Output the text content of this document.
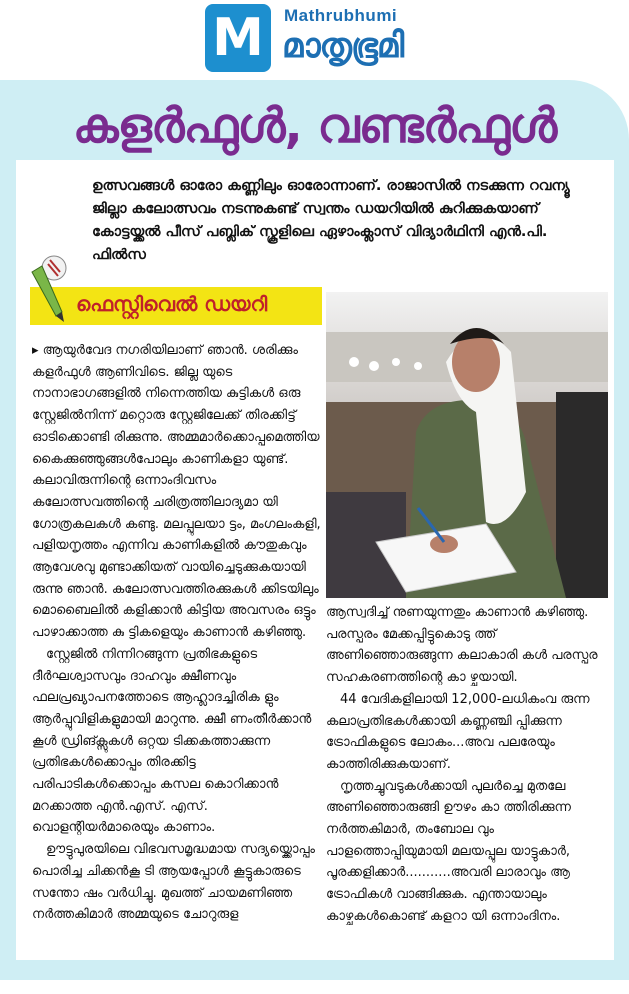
M	Mathrubhumi
മാതൃഭൂമി
കളർഫുൾ, വണ്ടർഫുൾ
ഉത്സവങ്ങൾ ഓരോ കണ്ണിലും ഓരോന്നാണ്. രാജാസിൽ നടക്കുന്ന റവന്യൂ ജില്ലാ കലോത്സവം നടന്നുകണ്ട് സ്വന്തം ഡയറിയിൽ കുറിക്കുകയാണ് കോട്ടയ്ക്കൽ പീസ് പബ്ലിക് സ്കൂളിലെ ഏഴാംക്ലാസ് വിദ്യാർഥിനി എൻ.പി. ഫിൽസ
ഫെസ്റ്റിവെൽ ഡയറി

▸ ആയുർവേദ നഗരിയിലാണ് ഞാൻ. ശരിക്കും കളർഫുൾ ആണിവിടെ. ജില്ല യുടെ നാനാഭാഗങ്ങളിൽ നിന്നെത്തിയ കുട്ടികൾ ഒരു സ്റ്റേജിൽനിന്ന് മറ്റൊരു സ്റ്റേജിലേക്ക് തിരക്കിട്ട് ഓടിക്കൊണ്ടി രിക്കുന്നു. അമ്മമാർക്കൊപ്പമെത്തിയ കൈക്കുഞ്ഞുങ്ങൾപോലും കാണികളാ യുണ്ട്. കലാവിരുന്നിന്റെ ഒന്നാംദിവസം കലോത്സവത്തിന്റെ ചരിത്രത്തിലാദ്യമാ യി ഗോത്രകലകൾ കണ്ടു. മലപ്പുലയാ ട്ടം, മംഗലംകളി, പളിയനൃത്തം എന്നിവ കാണികളിൽ കൗതുകവും ആവേശവു മുണ്ടാക്കിയത് വായിച്ചെടുക്കുകയായി രുന്നു ഞാൻ. കലോത്സവത്തിരക്കുകൾ ക്കിടയിലും മൊബൈലിൽ കളിക്കാൻ കിട്ടിയ അവസരം ഒട്ടും പാഴാക്കാത്ത കു ട്ടികളെയും കാണാൻ കഴിഞ്ഞു.

സ്റ്റേജിൽ നിന്നിറങ്ങുന്ന പ്രതിഭകളുടെ ദീർഘശ്വാസവും ദാഹവും ക്ഷീണവും ഫലപ്രഖ്യാപനത്തോടെ ആഹ്ലാദച്ചിരിക ളും ആർപ്പുവിളികളുമായി മാറുന്നു. ക്ഷീ ണംതീർക്കാൻ കൂൾ ഡ്രിങ്ക്സുകൾ ഒറ്റയ ടിക്കകത്താക്കുന്ന പ്രതിഭകൾക്കൊപ്പം തിരക്കിട്ട പരിപാടികൾക്കൊപ്പം കസല കൊറിക്കാൻ മറക്കാത്ത എൻ.എസ്. എസ്. വൊളന്റിയർമാരെയും കാണാം.

ഊട്ടുപുരയിലെ വിഭവസമൃദ്ധമായ സദ്യയ്ക്കൊപ്പം പൊരിച്ച ചിക്കൻകൂ ടി ആയപ്പോൾ കൂട്ടുകാരുടെ സന്തോ ഷം വർധിച്ചു. മുഖത്ത് ചായമണിഞ്ഞ നർത്തകിമാർ അമ്മയുടെ ചോറുരുള

ആസ്വദിച്ച് നുണയുന്നതും കാണാൻ കഴിഞ്ഞു. പരസ്പരം മേക്കപ്പിട്ടുകൊടു ത്ത് അണിഞ്ഞൊരുങ്ങുന്ന കലാകാരി കൾ പരസ്പര സഹകരണത്തിന്റെ കാ ഴ്ചയായി.

44 വേദികളിലായി 12,000-ലധികംവ രുന്ന കലാപ്രതിഭകൾക്കായി കണ്ണഞ്ചി പ്പിക്കുന്ന ട്രോഫികളുടെ ലോകം...അവ പലരേയും കാത്തിരിക്കുകയാണ്.

നൃത്തച്ചുവടുകൾക്കായി പുലർച്ചെ മുതലേ അണിഞ്ഞൊരുങ്ങി ഊഴം കാ ത്തിരിക്കുന്ന നർത്തകിമാർ, തംബോല വും പാളത്തൊപ്പിയുമായി മലയപ്പുല യാട്ടുകാർ, പൂരക്കളിക്കാർ...........അവരി ലാരാവും ആ ട്രോഫികൾ വാങ്ങിക്കുക. എന്തായാലും കാഴ്ചകൾകൊണ്ട് കളറാ യി ഒന്നാംദിനം.
